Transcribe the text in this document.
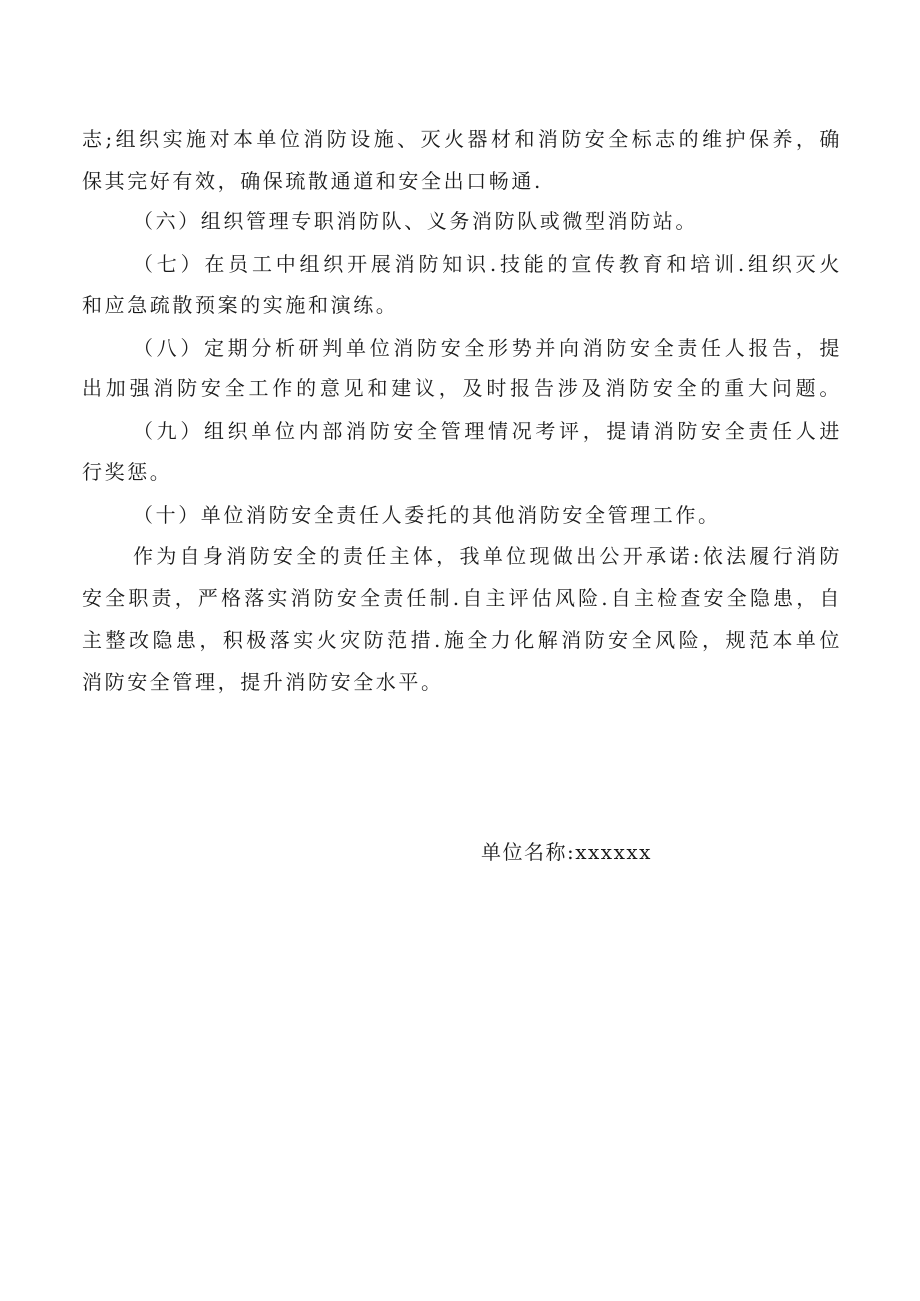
志;组织实施对本单位消防设施、灭火器材和消防安全标志的维护保养，确
保其完好有效，确保琉散通道和安全出口畅通.
（六）组织管理专职消防队、义务消防队或微型消防站。
（七）在员工中组织开展消防知识.技能的宣传教育和培训.组织灭火
和应急疏散预案的实施和演练。
（八）定期分析研判单位消防安全形势并向消防安全责任人报告，提
出加强消防安全工作的意见和建议，及时报告涉及消防安全的重大问题。
（九）组织单位内部消防安全管理情况考评，提请消防安全责任人进
行奖惩。
（十）单位消防安全责任人委托的其他消防安全管理工作。
作为自身消防安全的责任主体，我单位现做出公开承诺:依法履行消防
安全职责，严格落实消防安全责任制.自主评估风险.自主检查安全隐患，自
主整改隐患，积极落实火灾防范措.施全力化解消防安全风险，规范本单位
消防安全管理，提升消防安全水平。
单位名称:xxxxxx
